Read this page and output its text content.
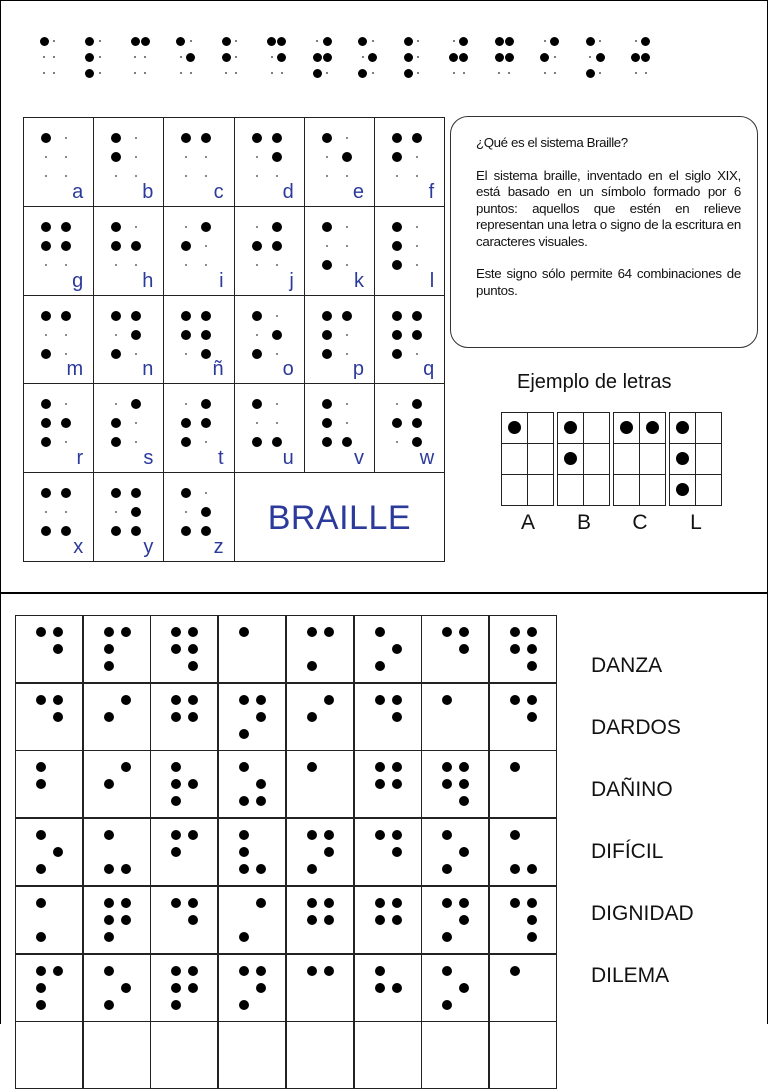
a	b	c	d	e	f
g	h	i	j	k	l
m	n	ñ	o	p	q
r	s	t	u	v	w
x	y	z
BRAILLE

¿Qué es el sistema Braille?

El sistema braille, inventado en el siglo XIX, está basado en un símbolo formado por 6 puntos: aquellos que estén en relieve representan una letra o signo de la escritura en caracteres visuales.

Este signo sólo permite 64 combinaciones de puntos.

Ejemplo de letras
A	B	C	L
DANZA
DARDOS
DAÑINO
DIFÍCIL
DIGNIDAD
DILEMA
